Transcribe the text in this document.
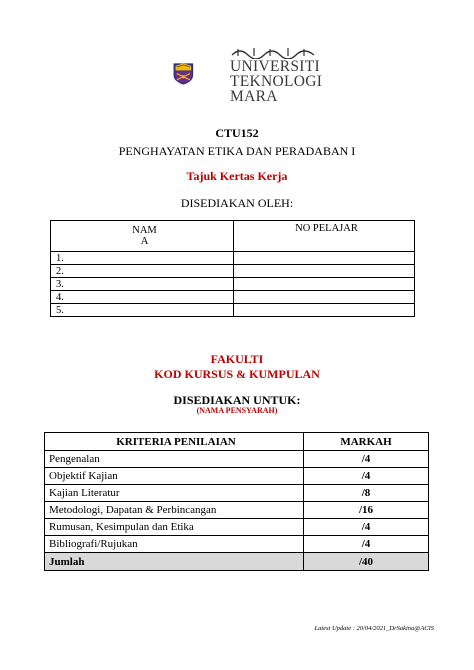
UNIVERSITI
TEKNOLOGI
MARA
CTU152
PENGHAYATAN ETIKA DAN PERADABAN I
Tajuk Kertas Kerja
DISEDIAKAN OLEH:
NAM
A	NO PELAJAR
1.	
2.	
3.	
4.	
5.	
FAKULTI
KOD KURSUS & KUMPULAN
DISEDIAKAN UNTUK:
(NAMA PENSYARAH)
KRITERIA PENILAIAN	MARKAH
Pengenalan	/4
Objektif Kajian	/4
Kajian Literatur	/8
Metodologi, Dapatan & Perbincangan	/16
Rumusan, Kesimpulan dan Etika	/4
Bibliografi/Rujukan	/4
Jumlah	/40
Latest Update : 20/04/2021_DrSakina@ACIS
